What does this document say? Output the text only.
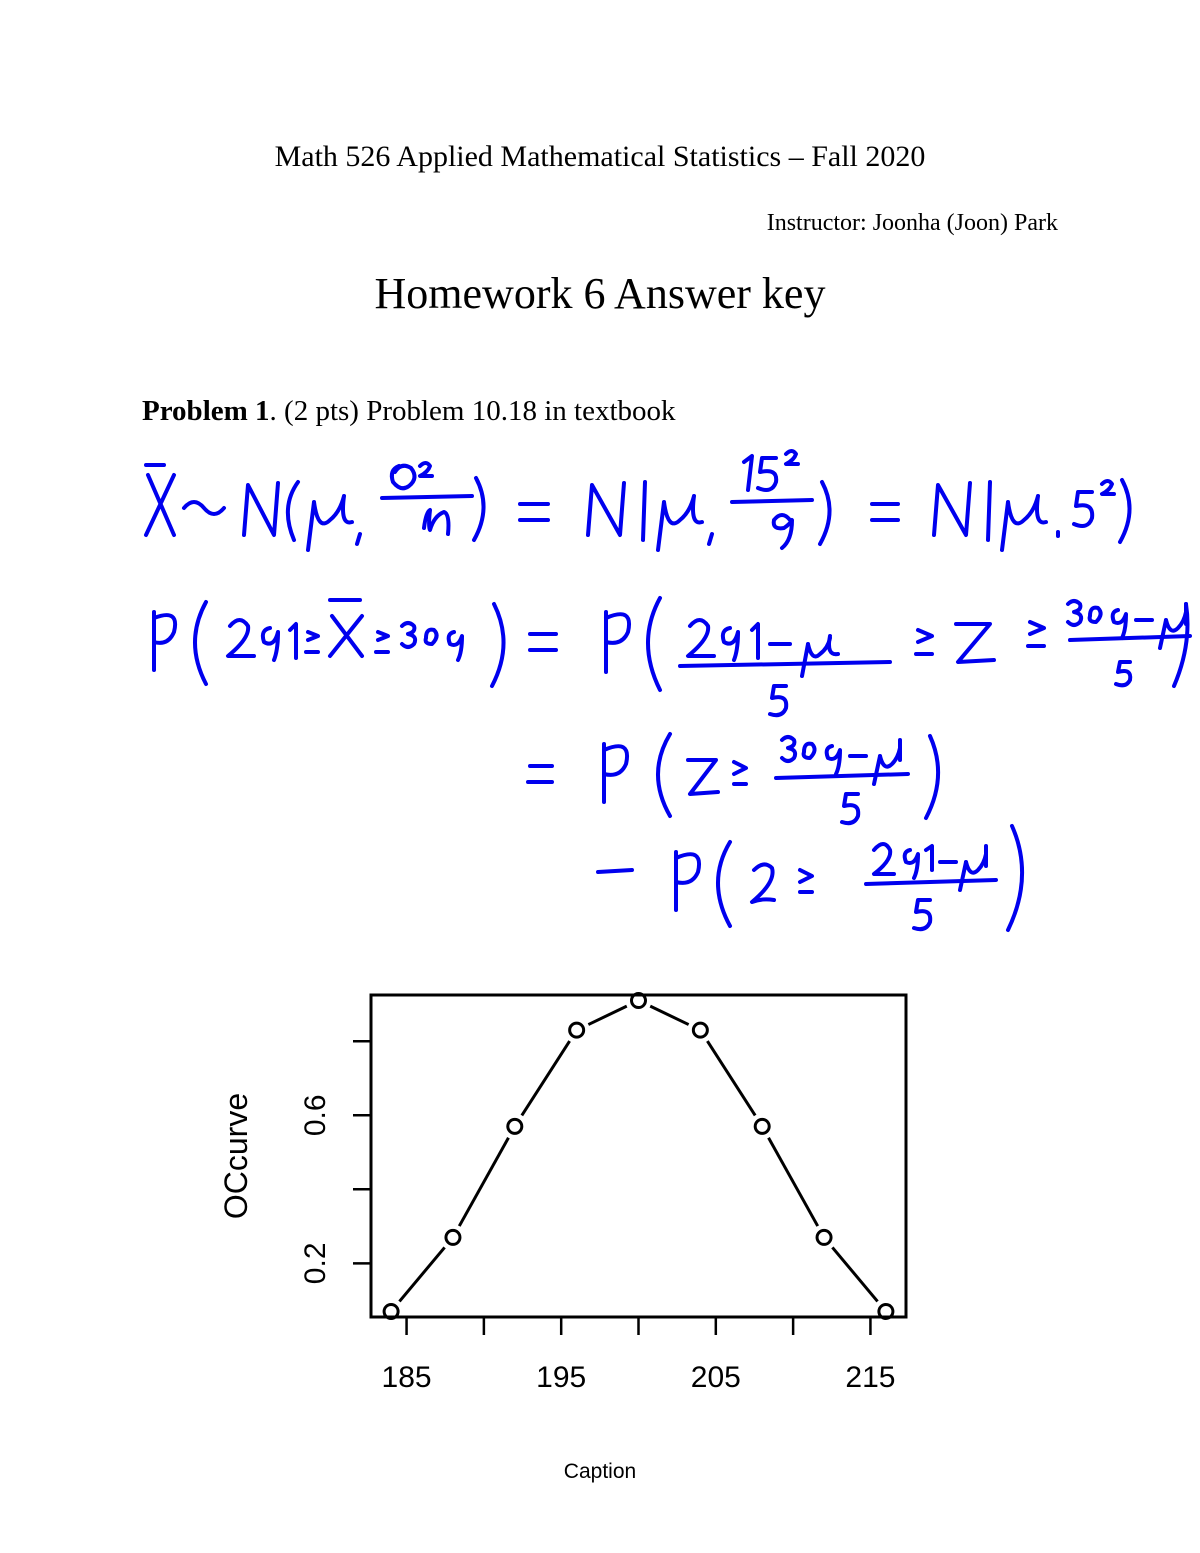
Math 526 Applied Mathematical Statistics – Fall 2020
Instructor: Joonha (Joon) Park
Homework 6 Answer key
Problem 1. (2 pts) Problem 10.18 in textbook
185	195	205	215
0.2
0.6
OCcurve
Caption
